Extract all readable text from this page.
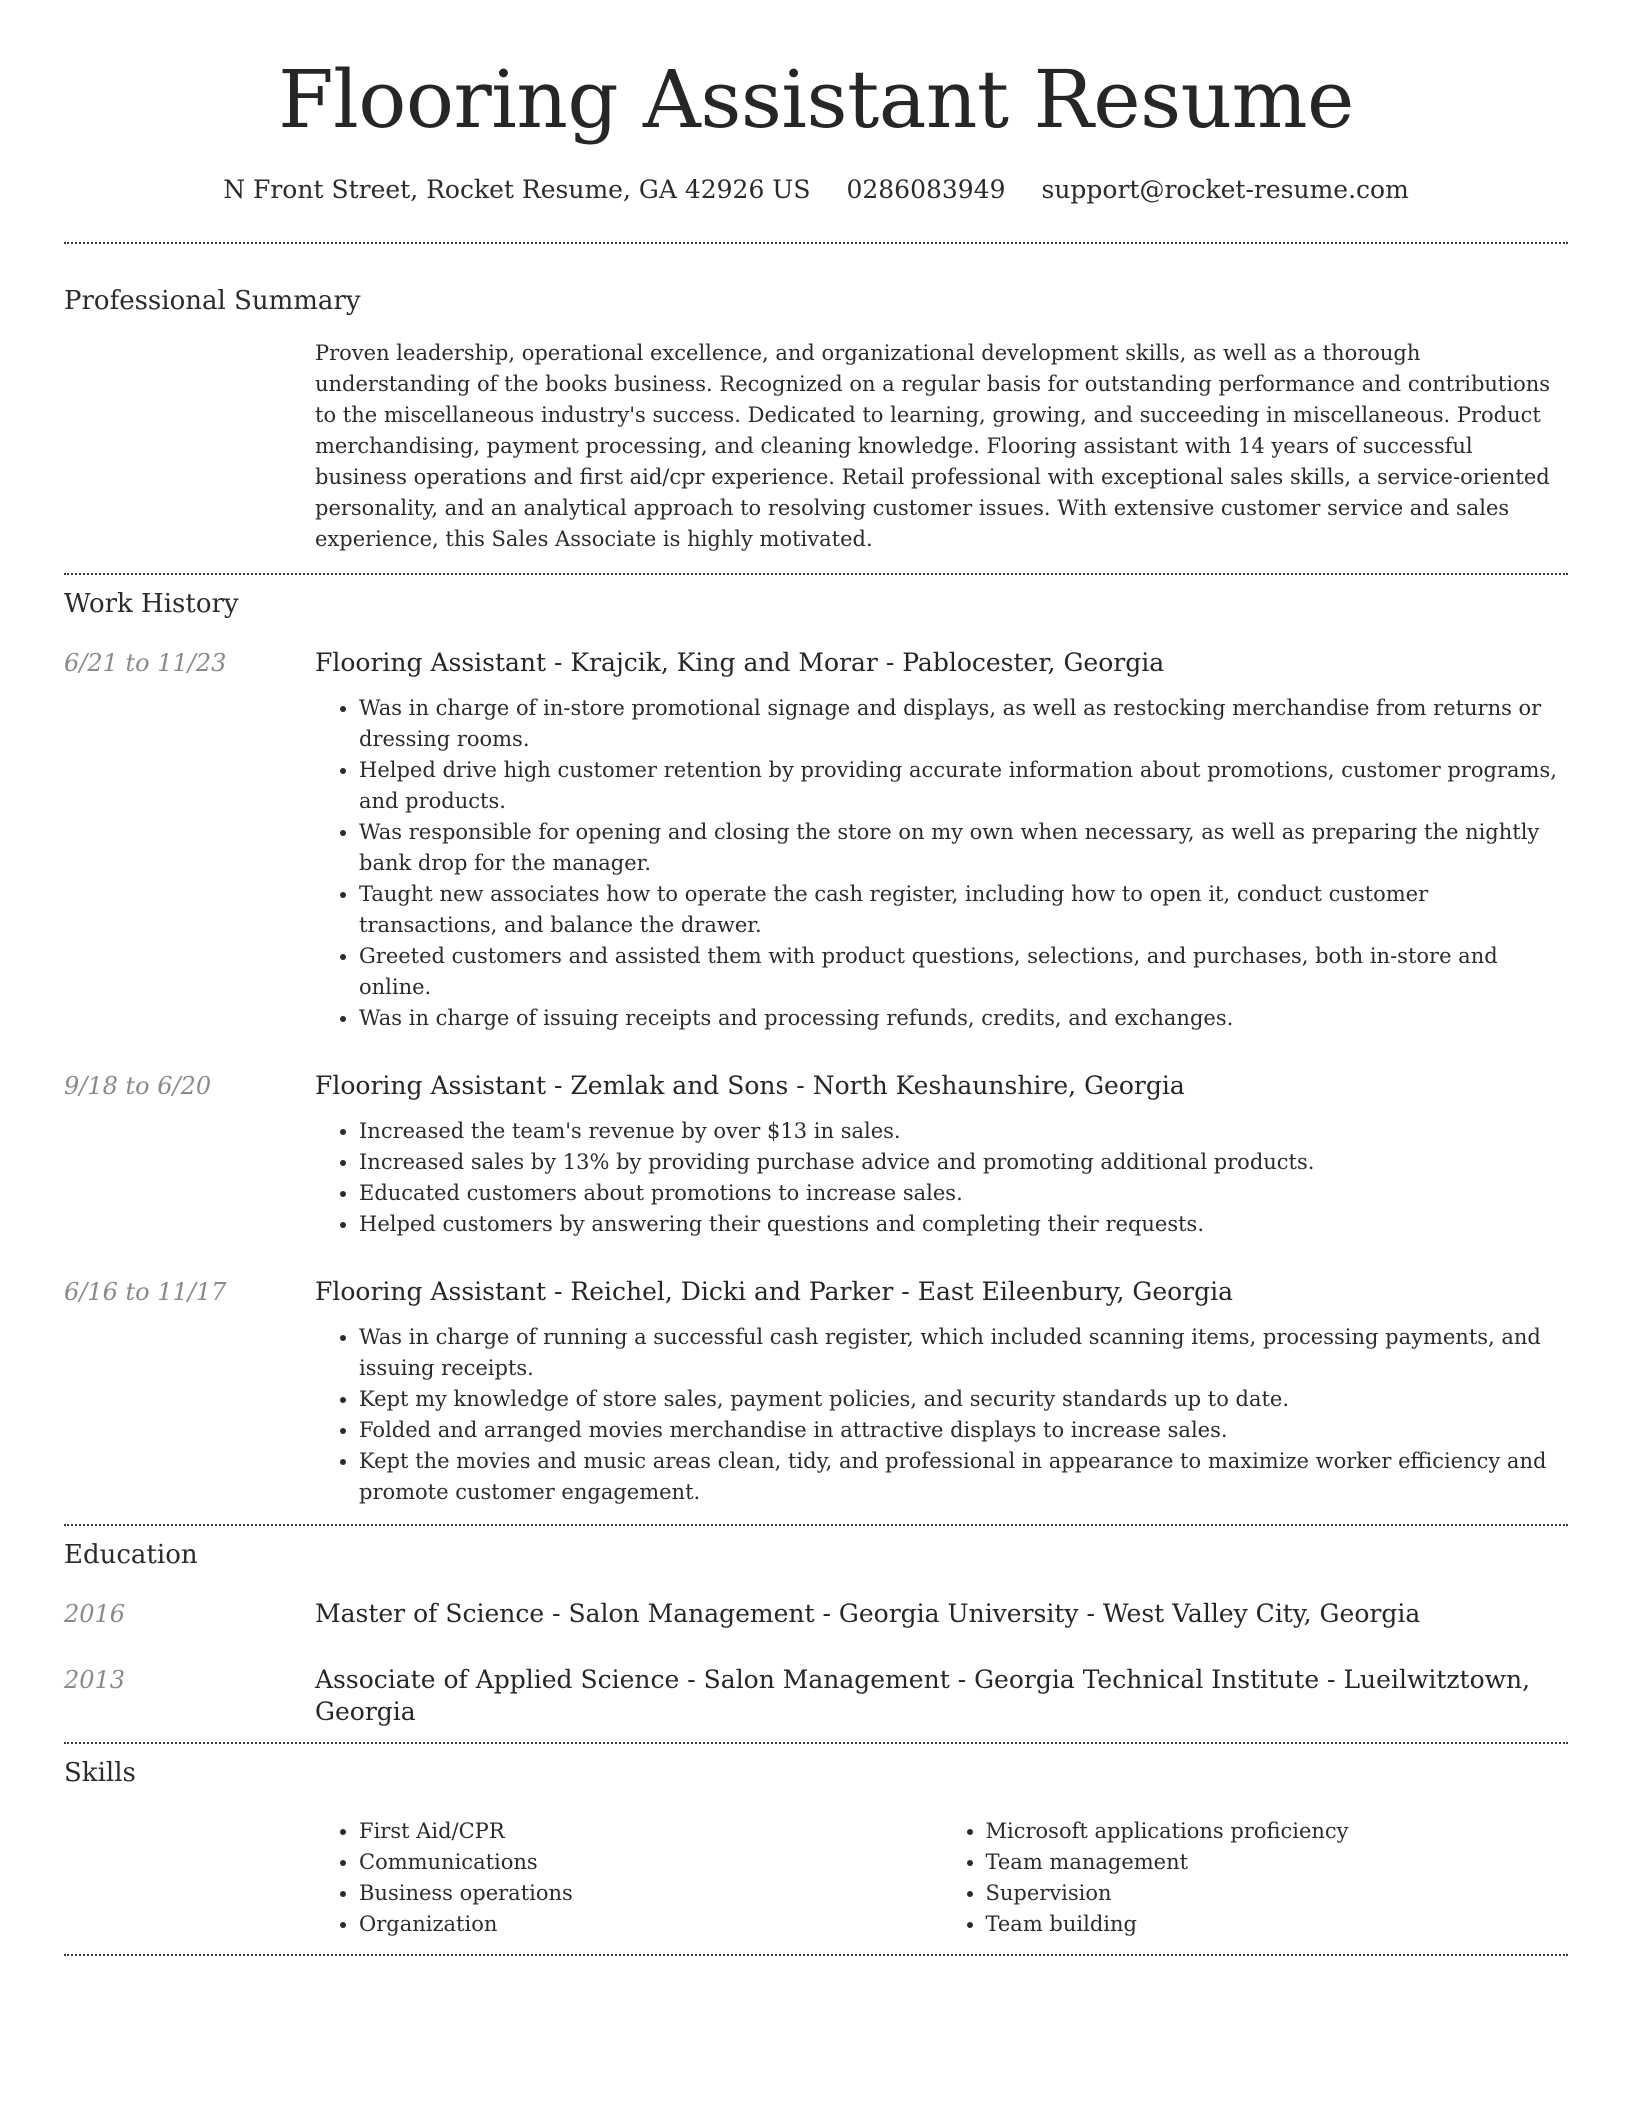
Flooring Assistant Resume
N Front Street, Rocket Resume, GA 42926 US 0286083949 support@rocket-resume.com
Professional Summary
Proven leadership, operational excellence, and organizational development skills, as well as a thorough understanding of the books business. Recognized on a regular basis for outstanding performance and contributions to the miscellaneous industry's success. Dedicated to learning, growing, and succeeding in miscellaneous. Product merchandising, payment processing, and cleaning knowledge. Flooring assistant with 14 years of successful business operations and first aid/cpr experience. Retail professional with exceptional sales skills, a service-oriented personality, and an analytical approach to resolving customer issues. With extensive customer service and sales experience, this Sales Associate is highly motivated.
Work History
6/21 to 11/23	Flooring Assistant - Krajcik, King and Morar - Pablocester, Georgia
• Was in charge of in-store promotional signage and displays, as well as restocking merchandise from returns or dressing rooms.
• Helped drive high customer retention by providing accurate information about promotions, customer programs, and products.
• Was responsible for opening and closing the store on my own when necessary, as well as preparing the nightly bank drop for the manager.
• Taught new associates how to operate the cash register, including how to open it, conduct customer transactions, and balance the drawer.
• Greeted customers and assisted them with product questions, selections, and purchases, both in-store and online.
• Was in charge of issuing receipts and processing refunds, credits, and exchanges.
9/18 to 6/20	Flooring Assistant - Zemlak and Sons - North Keshaunshire, Georgia
• Increased the team's revenue by over $13 in sales.
• Increased sales by 13% by providing purchase advice and promoting additional products.
• Educated customers about promotions to increase sales.
• Helped customers by answering their questions and completing their requests.
6/16 to 11/17	Flooring Assistant - Reichel, Dicki and Parker - East Eileenbury, Georgia
• Was in charge of running a successful cash register, which included scanning items, processing payments, and issuing receipts.
• Kept my knowledge of store sales, payment policies, and security standards up to date.
• Folded and arranged movies merchandise in attractive displays to increase sales.
• Kept the movies and music areas clean, tidy, and professional in appearance to maximize worker efficiency and promote customer engagement.
Education
2016	Master of Science - Salon Management - Georgia University - West Valley City, Georgia
2013	Associate of Applied Science - Salon Management - Georgia Technical Institute - Lueilwitztown, Georgia
Skills
• First Aid/CPR
• Communications
• Business operations
• Organization
• Microsoft applications proficiency
• Team management
• Supervision
• Team building
